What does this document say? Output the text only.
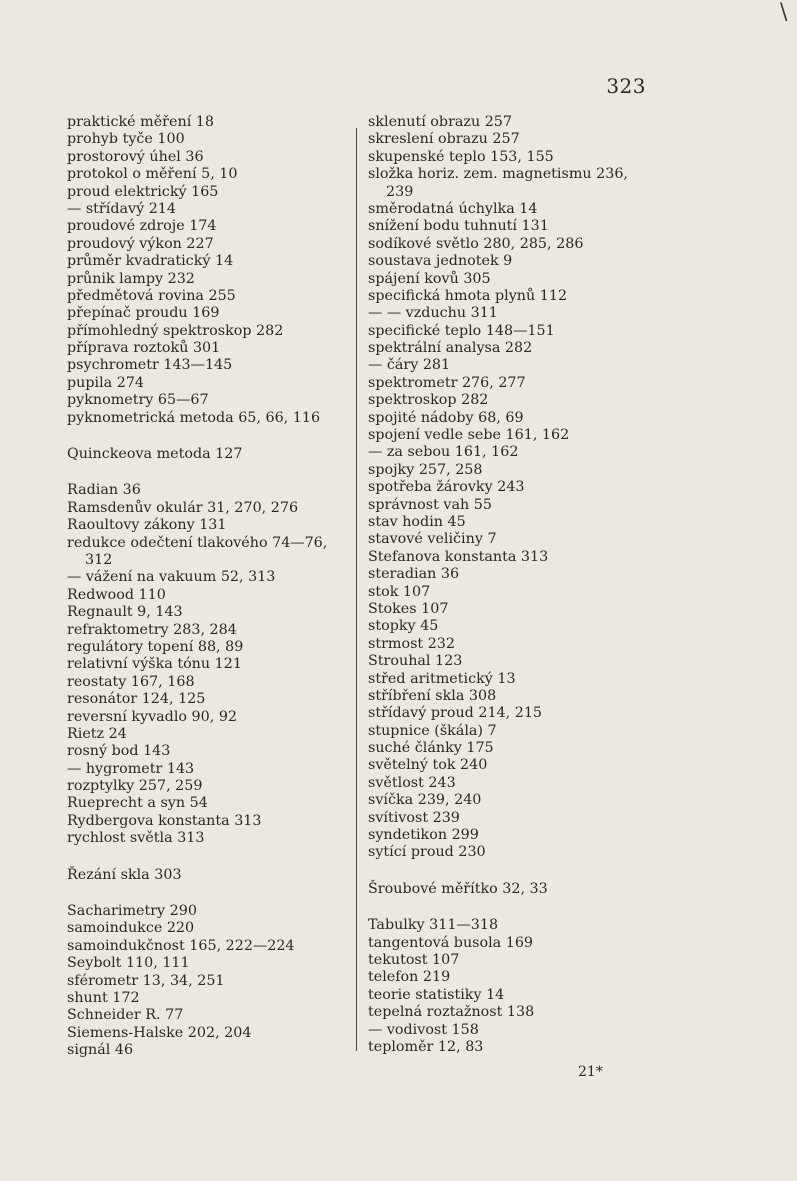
\
323
praktické měření 18
prohyb tyče 100
prostorový úhel 36
protokol o měření 5, 10
proud elektrický 165
— střídavý 214
proudové zdroje 174
proudový výkon 227
průměr kvadratický 14
průnik lampy 232
předmětová rovina 255
přepínač proudu 169
přímohledný spektroskop 282
příprava roztoků 301
psychrometr 143—145
pupila 274
pyknometry 65—67
pyknometrická metoda 65, 66, 116
Quinckeova metoda 127
Radian 36
Ramsdenův okulár 31, 270, 276
Raoultovy zákony 131
redukce odečtení tlakového 74—76,
312
— vážení na vakuum 52, 313
Redwood 110
Regnault 9, 143
refraktometry 283, 284
regulátory topení 88, 89
relativní výška tónu 121
reostaty 167, 168
resonátor 124, 125
reversní kyvadlo 90, 92
Rietz 24
rosný bod 143
— hygrometr 143
rozptylky 257, 259
Rueprecht a syn 54
Rydbergova konstanta 313
rychlost světla 313
Řezání skla 303
Sacharimetry 290
samoindukce 220
samoindukčnost 165, 222—224
Seybolt 110, 111
sférometr 13, 34, 251
shunt 172
Schneider R. 77
Siemens-Halske 202, 204
signál 46
sklenutí obrazu 257
skreslení obrazu 257
skupenské teplo 153, 155
složka horiz. zem. magnetismu 236,
239
směrodatná úchylka 14
snížení bodu tuhnutí 131
sodíkové světlo 280, 285, 286
soustava jednotek 9
spájení kovů 305
specifická hmota plynů 112
— — vzduchu 311
specifické teplo 148—151
spektrální analysa 282
— čáry 281
spektrometr 276, 277
spektroskop 282
spojité nádoby 68, 69
spojení vedle sebe 161, 162
— za sebou 161, 162
spojky 257, 258
spotřeba žárovky 243
správnost vah 55
stav hodin 45
stavové veličiny 7
Stefanova konstanta 313
steradian 36
stok 107
Stokes 107
stopky 45
strmost 232
Strouhal 123
střed aritmetický 13
stříbření skla 308
střídavý proud 214, 215
stupnice (škála) 7
suché články 175
světelný tok 240
světlost 243
svíčka 239, 240
svítivost 239
syndetikon 299
sytící proud 230
Šroubové měřítko 32, 33
Tabulky 311—318
tangentová busola 169
tekutost 107
telefon 219
teorie statistiky 14
tepelná roztažnost 138
— vodivost 158
teploměr 12, 83
21*
